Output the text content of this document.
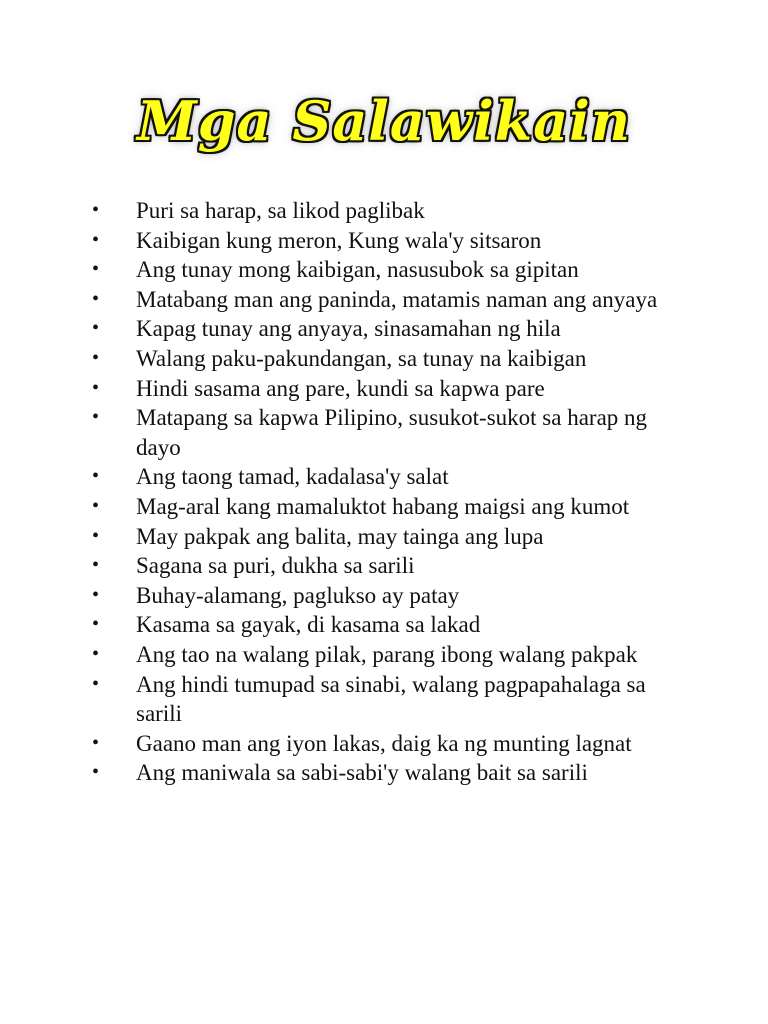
Mga Salawikain
•	Puri sa harap, sa likod paglibak
•	Kaibigan kung meron, Kung wala'y sitsaron
•	Ang tunay mong kaibigan, nasusubok sa gipitan
•	Matabang man ang paninda, matamis naman ang anyaya
•	Kapag tunay ang anyaya, sinasamahan ng hila
•	Walang paku-pakundangan, sa tunay na kaibigan
•	Hindi sasama ang pare, kundi sa kapwa pare
•	Matapang sa kapwa Pilipino, susukot-sukot sa harap ng dayo
•	Ang taong tamad, kadalasa'y salat
•	Mag-aral kang mamaluktot habang maigsi ang kumot
•	May pakpak ang balita, may tainga ang lupa
•	Sagana sa puri, dukha sa sarili
•	Buhay-alamang, paglukso ay patay
•	Kasama sa gayak, di kasama sa lakad
•	Ang tao na walang pilak, parang ibong walang pakpak
•	Ang hindi tumupad sa sinabi, walang pagpapahalaga sa sarili
•	Gaano man ang iyon lakas, daig ka ng munting lagnat
•	Ang maniwala sa sabi-sabi'y walang bait sa sarili
